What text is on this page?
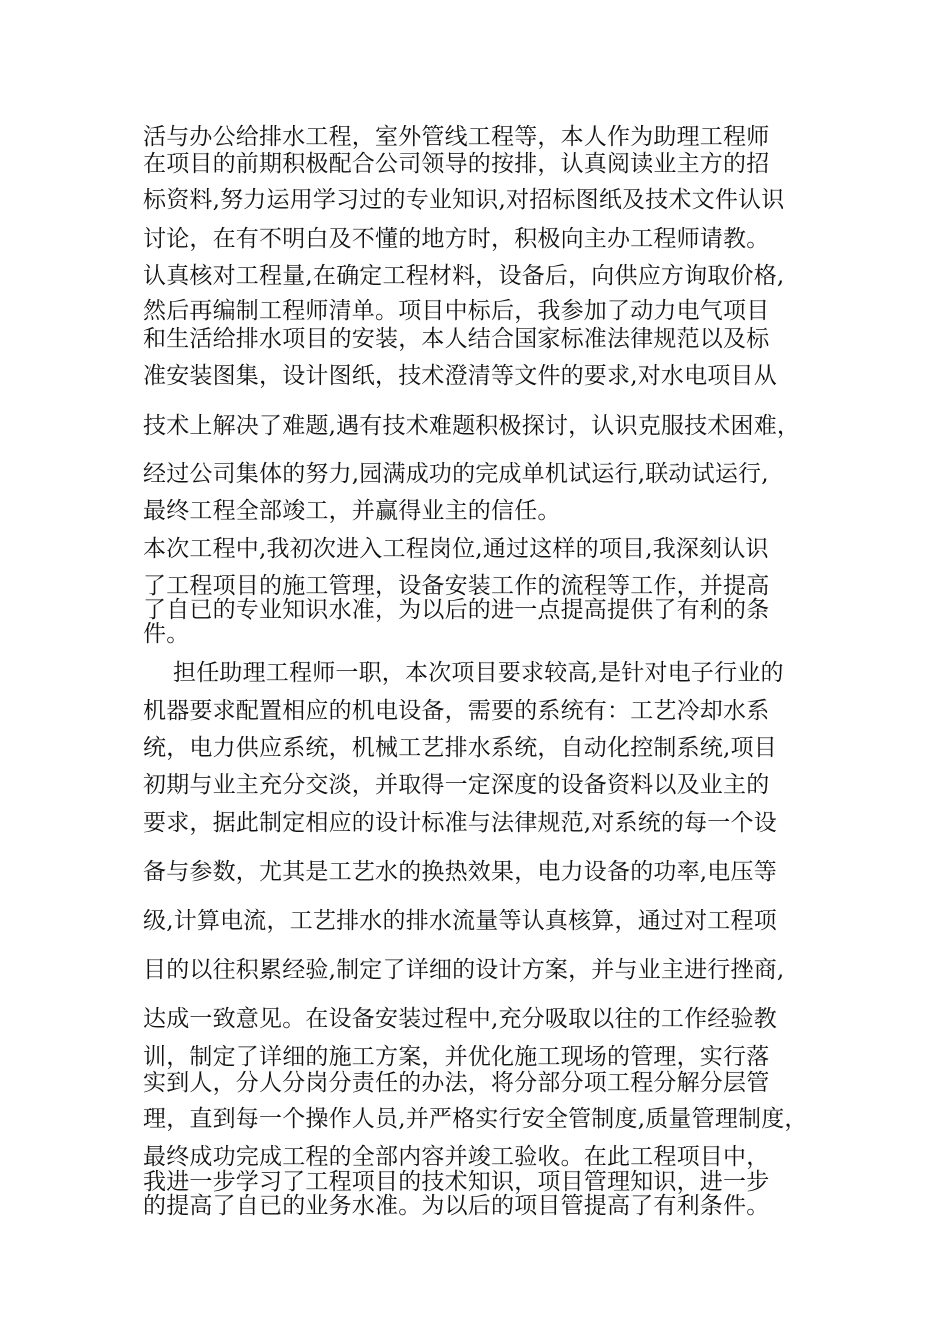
活与办公给排水工程，室外管线工程等，本人作为助理工程师
在项目的前期积极配合公司领导的按排，认真阅读业主方的招
标资料,努力运用学习过的专业知识,对招标图纸及技术文件认识
讨论，在有不明白及不懂的地方时，积极向主办工程师请教。
认真核对工程量,在确定工程材料，设备后，向供应方询取价格,
然后再编制工程师清单。项目中标后，我参加了动力电气项目
和生活给排水项目的安装，本人结合国家标准法律规范以及标
准安装图集，设计图纸，技术澄清等文件的要求,对水电项目从
技术上解决了难题,遇有技术难题积极探讨，认识克服技术困难，
经过公司集体的努力,园满成功的完成单机试运行,联动试运行,
最终工程全部竣工，并赢得业主的信任。
本次工程中,我初次进入工程岗位,通过这样的项目,我深刻认识
了工程项目的施工管理，设备安装工作的流程等工作，并提高
了自已的专业知识水准，为以后的进一点提高提供了有利的条
件。
担任助理工程师一职，本次项目要求较高,是针对电子行业的
机器要求配置相应的机电设备，需要的系统有：工艺冷却水系
统，电力供应系统，机械工艺排水系统，自动化控制系统,项目
初期与业主充分交淡，并取得一定深度的设备资料以及业主的
要求，据此制定相应的设计标准与法律规范,对系统的每一个设
备与参数，尤其是工艺水的换热效果，电力设备的功率,电压等
级,计算电流，工艺排水的排水流量等认真核算，通过对工程项
目的以往积累经验,制定了详细的设计方案，并与业主进行挫商,
达成一致意见。在设备安装过程中,充分吸取以往的工作经验教
训，制定了详细的施工方案，并优化施工现场的管理，实行落
实到人，分人分岗分责任的办法，将分部分项工程分解分层管
理，直到每一个操作人员,并严格实行安全管制度,质量管理制度，
最终成功完成工程的全部内容并竣工验收。在此工程项目中，
我进一步学习了工程项目的技术知识，项目管理知识，进一步
的提高了自已的业务水准。为以后的项目管提高了有利条件。
